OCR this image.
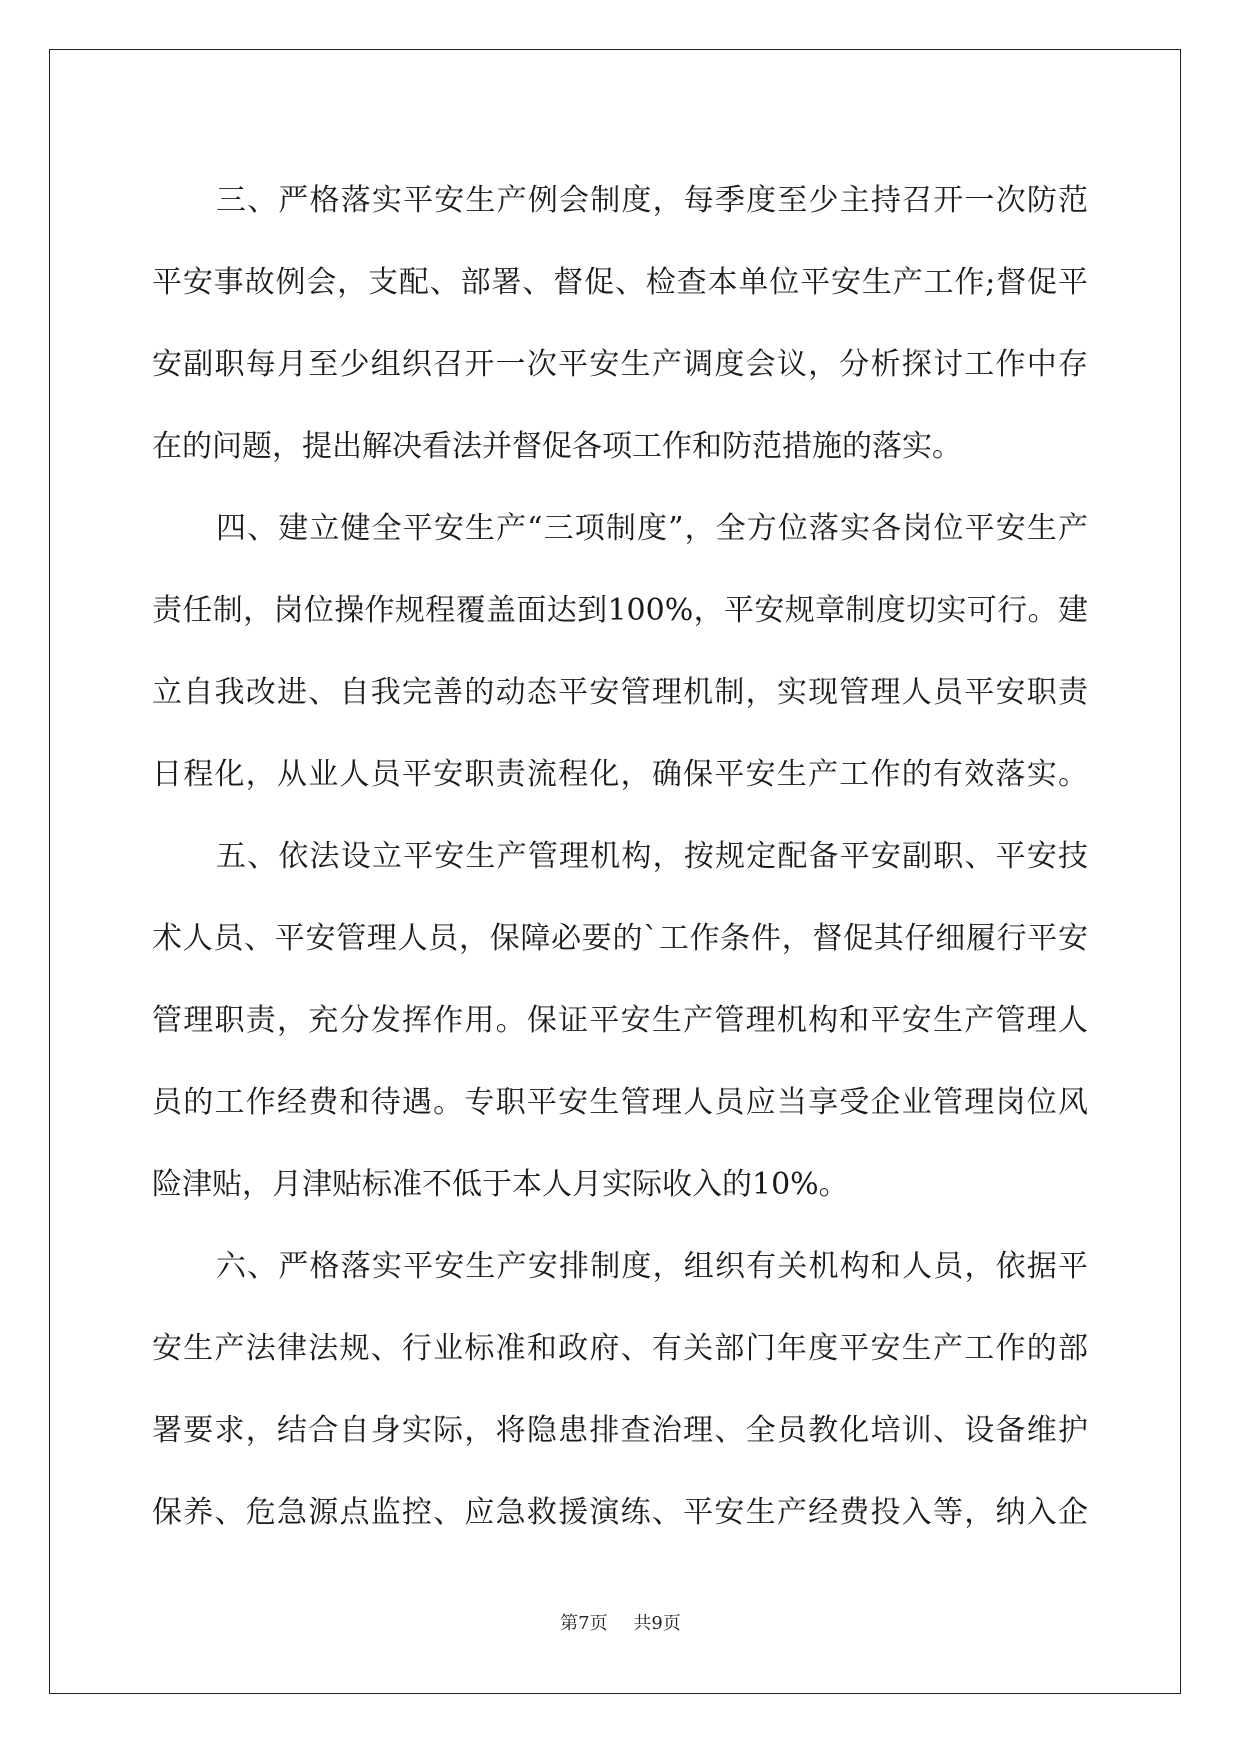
三、严格落实平安生产例会制度，每季度至少主持召开一次防范
平安事故例会，支配、部署、督促、检查本单位平安生产工作;督促平
安副职每月至少组织召开一次平安生产调度会议，分析探讨工作中存
在的问题，提出解决看法并督促各项工作和防范措施的落实。
四、建立健全平安生产“三项制度”，全方位落实各岗位平安生产
责任制，岗位操作规程覆盖面达到100%，平安规章制度切实可行。建
立自我改进、自我完善的动态平安管理机制，实现管理人员平安职责
日程化，从业人员平安职责流程化，确保平安生产工作的有效落实。
五、依法设立平安生产管理机构，按规定配备平安副职、平安技
术人员、平安管理人员，保障必要的`工作条件，督促其仔细履行平安
管理职责，充分发挥作用。保证平安生产管理机构和平安生产管理人
员的工作经费和待遇。专职平安生管理人员应当享受企业管理岗位风
险津贴，月津贴标准不低于本人月实际收入的10%。
六、严格落实平安生产安排制度，组织有关机构和人员，依据平
安生产法律法规、行业标准和政府、有关部门年度平安生产工作的部
署要求，结合自身实际，将隐患排查治理、全员教化培训、设备维护
保养、危急源点监控、应急救援演练、平安生产经费投入等，纳入企
第7页 共9页
